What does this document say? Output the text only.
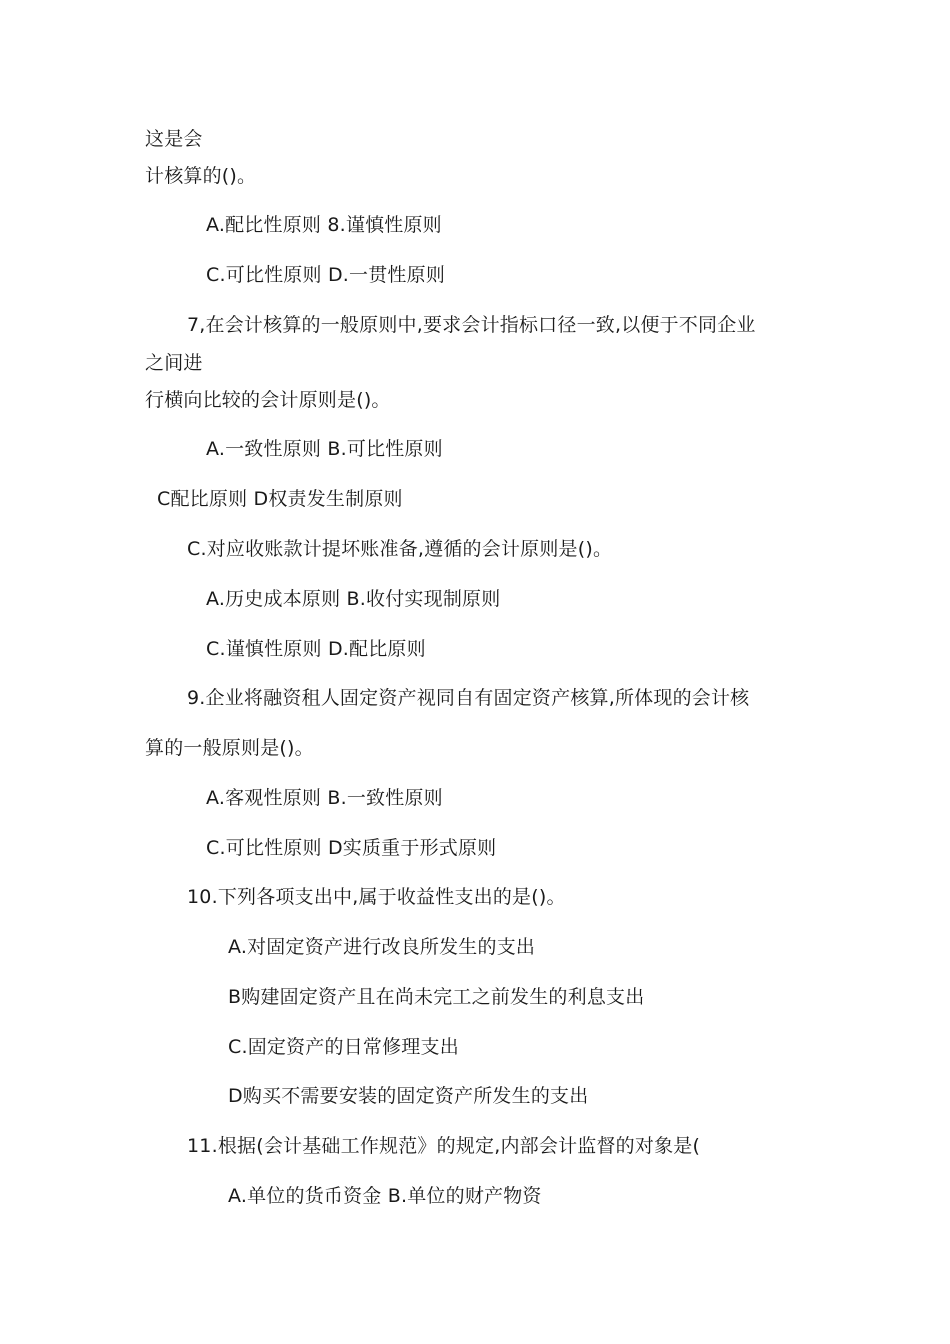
这是会
计核算的()。
A.配比性原则 8.谨慎性原则
C.可比性原则 D.一贯性原则
7,在会计核算的一般原则中,要求会计指标口径一致,以便于不同企业
之间进
行横向比较的会计原则是()。
A.一致性原则 B.可比性原则
C配比原则 D权责发生制原则
C.对应收账款计提坏账准备,遵循的会计原则是()。
A.历史成本原则 B.收付实现制原则
C.谨慎性原则 D.配比原则
9.企业将融资租人固定资产视同自有固定资产核算,所体现的会计核
算的一般原则是()。
A.客观性原则 B.一致性原则
C.可比性原则 D实质重于形式原则
10.下列各项支出中,属于收益性支出的是()。
A.对固定资产进行改良所发生的支出
B购建固定资产且在尚未完工之前发生的利息支出
C.固定资产的日常修理支出
D购买不需要安装的固定资产所发生的支出
11.根据(会计基础工作规范》的规定,内部会计监督的对象是(
A.单位的货币资金 B.单位的财产物资
